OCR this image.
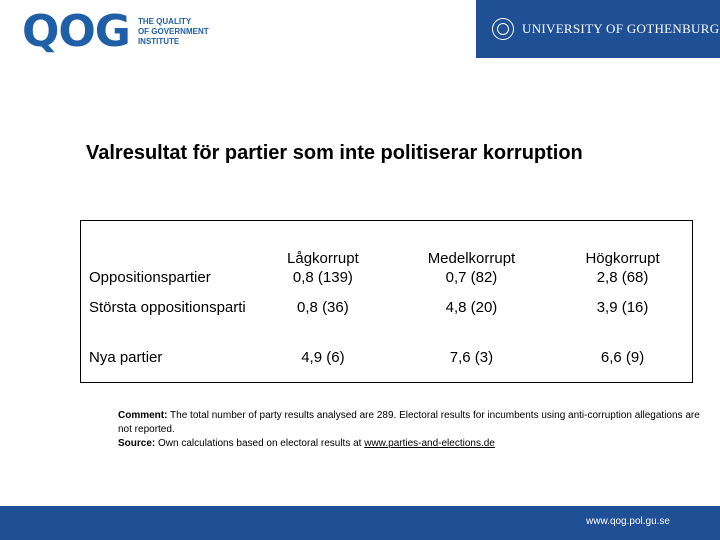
QOG THE QUALITY
OF GOVERNMENT
INSTITUTE
UNIVERSITY OF GOTHENBURG
Valresultat för partier som inte politiserar korruption
	Lågkorrupt	Medelkorrupt	Högkorrupt
Oppositionspartier	0,8 (139)	0,7 (82)	2,8 (68)
Största oppositionsparti	0,8 (36)	4,8 (20)	3,9 (16)
Nya partier	4,9 (6)	7,6 (3)	6,6 (9)
Comment: The total number of party results analysed are 289. Electoral results for incumbents using anti-corruption allegations are not reported.
Source: Own calculations based on electoral results at www.parties-and-elections.de
www.qog.pol.gu.se
